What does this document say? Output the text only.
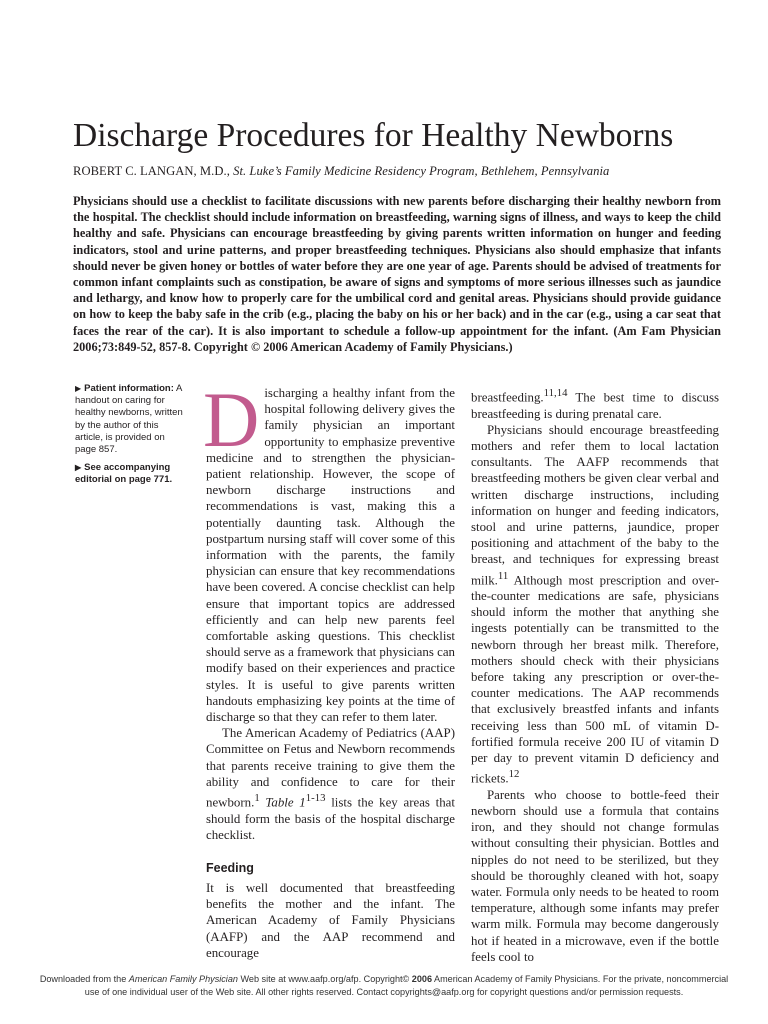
Discharge Procedures for Healthy Newborns
ROBERT C. LANGAN, M.D., St. Luke’s Family Medicine Residency Program, Bethlehem, Pennsylvania

Physicians should use a checklist to facilitate discussions with new parents before discharging their healthy newborn from the hospital. The checklist should include information on breastfeeding, warning signs of illness, and ways to keep the child healthy and safe. Physicians can encourage breastfeeding by giving parents written information on hunger and feeding indicators, stool and urine patterns, and proper breastfeeding techniques. Physicians also should emphasize that infants should never be given honey or bottles of water before they are one year of age. Parents should be advised of treatments for common infant complaints such as constipation, be aware of signs and symptoms of more serious illnesses such as jaundice and lethargy, and know how to properly care for the umbilical cord and genital areas. Physicians should provide guidance on how to keep the baby safe in the crib (e.g., placing the baby on his or her back) and in the car (e.g., using a car seat that faces the rear of the car). It is also important to schedule a follow-up appointment for the infant. (Am Fam Physician 2006;73:849-52, 857-8. Copyright © 2006 American Academy of Family Physicians.)

▶ Patient information: A handout on caring for healthy newborns, written by the author of this article, is provided on page 857.
▶ See accompanying editorial on page 771.

Discharging a healthy infant from the hospital following delivery gives the family physician an important opportunity to emphasize preventive medicine and to strengthen the physician-patient relationship. However, the scope of newborn discharge instructions and recommendations is vast, making this a potentially daunting task. Although the postpartum nursing staff will cover some of this information with the parents, the family physician can ensure that key recommendations have been covered. A concise checklist can help ensure that important topics are addressed efficiently and can help new parents feel comfortable asking questions. This checklist should serve as a framework that physicians can modify based on their experiences and practice styles. It is useful to give parents written handouts emphasizing key points at the time of discharge so that they can refer to them later.

The American Academy of Pediatrics (AAP) Committee on Fetus and Newborn recommends that parents receive training to give them the ability and confidence to care for their newborn.$^1$ Table 1$^{1-13}$ lists the key areas that should form the basis of the hospital discharge checklist.

Feeding

It is well documented that breastfeeding benefits the mother and the infant. The American Academy of Family Physicians (AAFP) and the AAP recommend and encourage

breastfeeding.$^{11,14}$ The best time to discuss breastfeeding is during prenatal care.

Physicians should encourage breastfeeding mothers and refer them to local lactation consultants. The AAFP recommends that breastfeeding mothers be given clear verbal and written discharge instructions, including information on hunger and feeding indicators, stool and urine patterns, jaundice, proper positioning and attachment of the baby to the breast, and techniques for expressing breast milk.$^{11}$ Although most prescription and over-the-counter medications are safe, physicians should inform the mother that anything she ingests potentially can be transmitted to the newborn through her breast milk. Therefore, mothers should check with their physicians before taking any prescription or over-the-counter medications. The AAP recommends that exclusively breastfed infants and infants receiving less than 500 mL of vitamin D-fortified formula receive 200 IU of vitamin D per day to prevent vitamin D deficiency and rickets.$^{12}$

Parents who choose to bottle-feed their newborn should use a formula that contains iron, and they should not change formulas without consulting their physician. Bottles and nipples do not need to be sterilized, but they should be thoroughly cleaned with hot, soapy water. Formula only needs to be heated to room temperature, although some infants may prefer warm milk. Formula may become dangerously hot if heated in a microwave, even if the bottle feels cool to

Downloaded from the American Family Physician Web site at www.aafp.org/afp. Copyright© 2006 American Academy of Family Physicians. For the private, noncommercial
use of one individual user of the Web site. All other rights reserved. Contact copyrights@aafp.org for copyright questions and/or permission requests.
